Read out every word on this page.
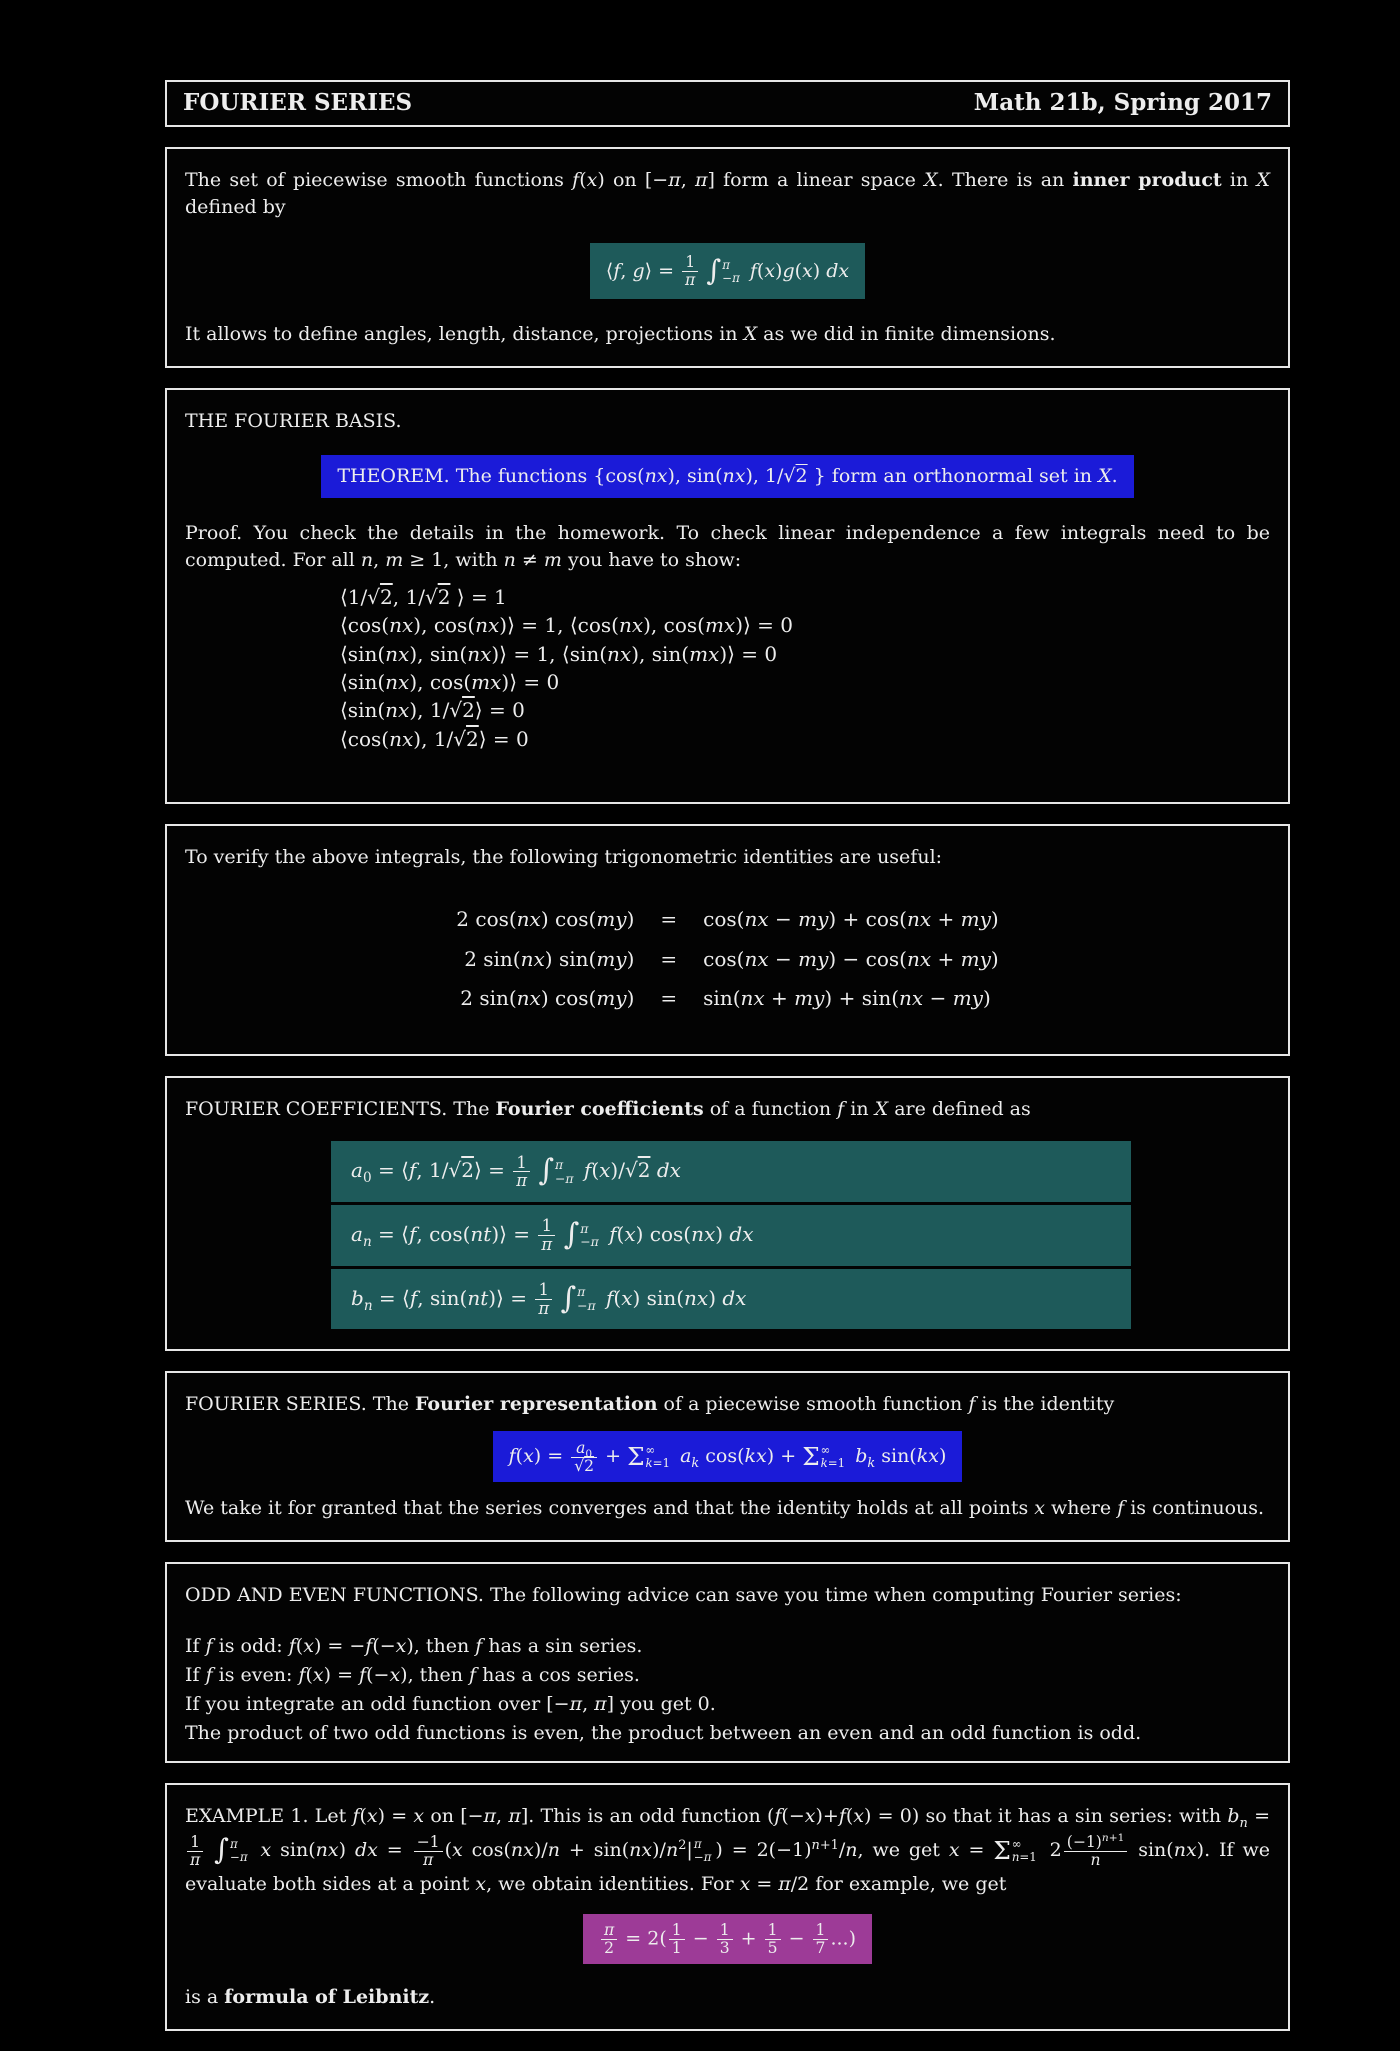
FOURIER SERIES	Math 21b, Spring 2017

The set of piecewise smooth functions f(x) on [−π, π] form a linear space X. There is an inner product in X defined by

⟨f, g⟩ = $\frac{1}{\pi}$ ∫ π
−π f(x)g(x) dx

It allows to define angles, length, distance, projections in X as we did in finite dimensions.

THE FOURIER BASIS.

THEOREM. The functions {cos(nx), sin(nx), 1/√2 } form an orthonormal set in X.

Proof. You check the details in the homework. To check linear independence a few integrals need to be computed. For all n, m ≥ 1, with n ≠ m you have to show:

⟨1/√2, 1/√2 ⟩ = 1
⟨cos(nx), cos(nx)⟩ = 1, ⟨cos(nx), cos(mx)⟩ = 0
⟨sin(nx), sin(nx)⟩ = 1, ⟨sin(nx), sin(mx)⟩ = 0
⟨sin(nx), cos(mx)⟩ = 0
⟨sin(nx), 1/√2⟩ = 0
⟨cos(nx), 1/√2⟩ = 0

To verify the above integrals, the following trigonometric identities are useful:

2 cos(nx) cos(my) = cos(nx − my) + cos(nx + my)
2 sin(nx) sin(my) = cos(nx − my) − cos(nx + my)
2 sin(nx) cos(my) = sin(nx + my) + sin(nx − my)

FOURIER COEFFICIENTS. The Fourier coefficients of a function f in X are defined as

$a_0$ = ⟨f, 1/√2⟩ = $\frac{1}{\pi}$ ∫ π
−π f(x)/√2 dx
$a_n$ = ⟨f, cos(nt)⟩ = $\frac{1}{\pi}$ ∫ π
−π f(x) cos(nx) dx
$b_n$ = ⟨f, sin(nt)⟩ = $\frac{1}{\pi}$ ∫ π
−π f(x) sin(nx) dx

FOURIER SERIES. The Fourier representation of a piecewise smooth function f is the identity

$f(x) = \frac{a_0}{√2} + \Sigma$ ∞
k=1 $a_k$ cos(kx) + Σ ∞
k=1 $b_k$ sin(kx)

We take it for granted that the series converges and that the identity holds at all points x where f is continuous.

ODD AND EVEN FUNCTIONS. The following advice can save you time when computing Fourier series:

If f is odd: f(x) = −f(−x), then f has a sin series.
If f is even: f(x) = f(−x), then f has a cos series.
If you integrate an odd function over [−π, π] you get 0.
The product of two odd functions is even, the product between an even and an odd function is odd.

EXAMPLE 1. Let f(x) = x on [−π, π]. This is an odd function (f(−x)+f(x) = 0) so that it has a sin series: with $b_n$ =
$\frac{1}{\pi}$ ∫ π
−π x sin(nx) dx = $\frac{-1}{\pi} (x$ $\cos(nx)/n + \sin(nx)/n^2|$ π
−π ) = $2(-1)^{n+1}/n$, we get x = Σ ∞
n=1 $2 \frac{(-1)^{n+1}}{n} \sin(nx)$. If we evaluate both sides at a point x, we obtain identities. For x = π/2 for example, we get

$\frac{\pi}{2} = 2( \frac{1}{1} - \frac{1}{3} + \frac{1}{5} - \frac{1}{7}$ ...)

is a formula of Leibnitz.
